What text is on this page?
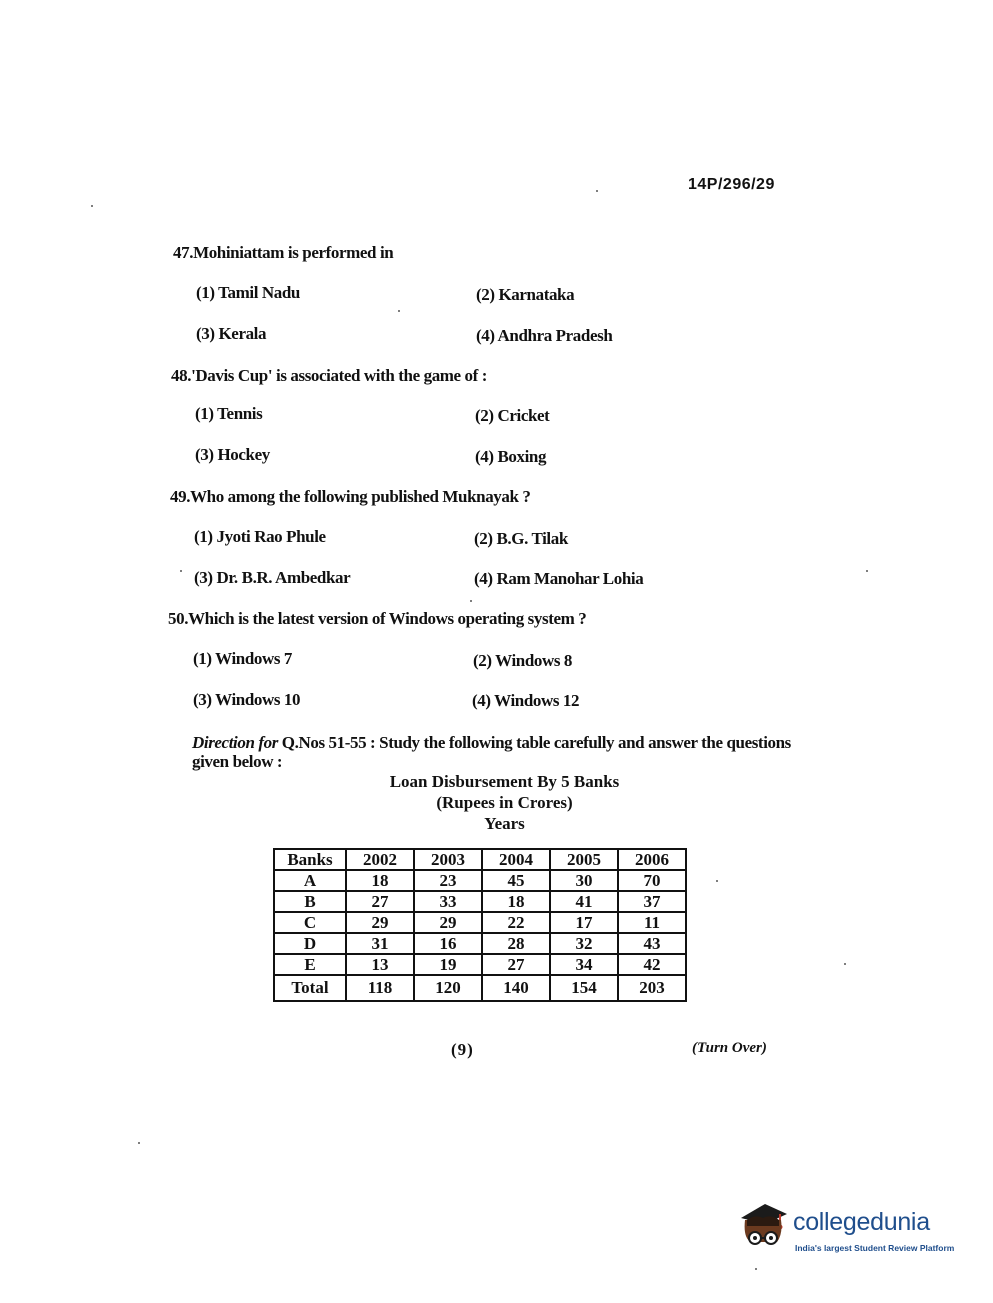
14P/296/29
47.Mohiniattam is performed in
(1) Tamil Nadu	(2) Karnataka
(3) Kerala	(4) Andhra Pradesh
48.'Davis Cup' is associated with the game of :
(1) Tennis	(2) Cricket
(3) Hockey	(4) Boxing
49.Who among the following published Muknayak ?
(1) Jyoti Rao Phule	(2) B.G. Tilak
(3) Dr. B.R. Ambedkar	(4) Ram Manohar Lohia
50.Which is the latest version of Windows operating system ?
(1) Windows 7	(2) Windows 8
(3) Windows 10	(4) Windows 12
Direction for Q.Nos 51-55 : Study the following table carefully and answer the questions given below :
Loan Disbursement By 5 Banks
(Rupees in Crores)
Years
Banks	2002	2003	2004	2005	2006
A	18	23	45	30	70
B	27	33	18	41	37
C	29	29	22	17	11
D	31	16	28	32	43
E	13	19	27	34	42
Total	118	120	140	154	203
(9)	(Turn Over)
collegedunia
India's largest Student Review Platform
